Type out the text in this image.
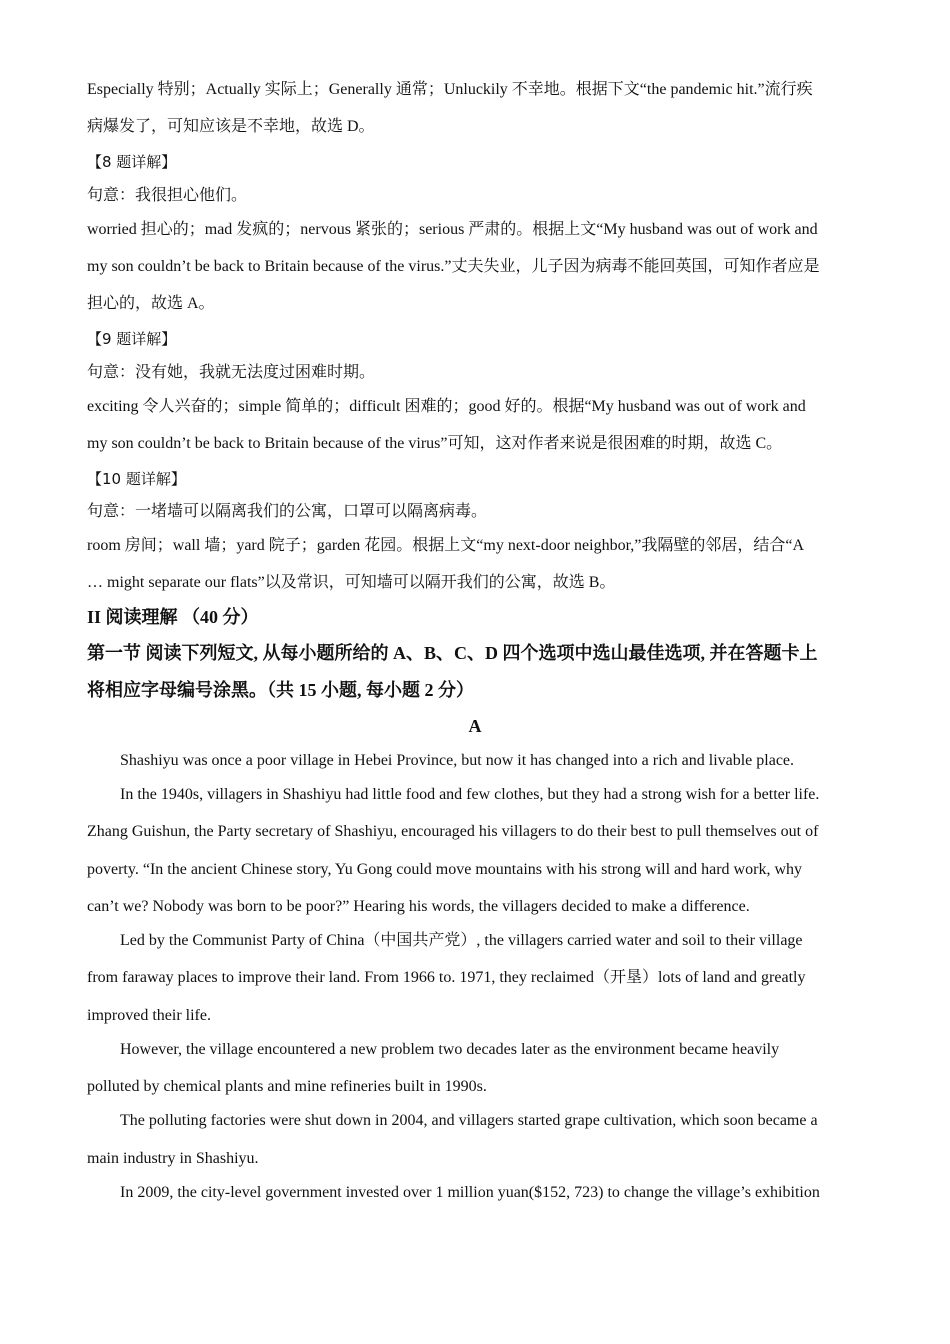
Especially 特别；Actually 实际上；Generally 通常；Unluckily 不幸地。根据下文“the pandemic hit.”流行疾
病爆发了，可知应该是不幸地，故选 D。
【8 题详解】
句意：我很担心他们。
worried 担心的；mad 发疯的；nervous 紧张的；serious 严肃的。根据上文“My husband was out of work and
my son couldn’t be back to Britain because of the virus.”丈夫失业，儿子因为病毒不能回英国，可知作者应是
担心的，故选 A。
【9 题详解】
句意：没有她，我就无法度过困难时期。
exciting 令人兴奋的；simple 简单的；difficult 困难的；good 好的。根据“My husband was out of work and
my son couldn’t be back to Britain because of the virus”可知，这对作者来说是很困难的时期，故选 C。
【10 题详解】
句意：一堵墙可以隔离我们的公寓，口罩可以隔离病毒。
room 房间；wall 墙；yard 院子；garden 花园。根据上文“my next-door neighbor,”我隔壁的邻居，结合“A
… might separate our flats”以及常识，可知墙可以隔开我们的公寓，故选 B。
II 阅读理解 （40 分）
第一节 阅读下列短文, 从每小题所给的 A、B、C、D 四个选项中选山最佳选项, 并在答题卡上
将相应字母编号涂黑。（共 15 小题, 每小题 2 分）
A
Shashiyu was once a poor village in Hebei Province, but now it has changed into a rich and livable place.
In the 1940s, villagers in Shashiyu had little food and few clothes, but they had a strong wish for a better life.
Zhang Guishun, the Party secretary of Shashiyu, encouraged his villagers to do their best to pull themselves out of
poverty. “In the ancient Chinese story, Yu Gong could move mountains with his strong will and hard work, why
can’t we? Nobody was born to be poor?” Hearing his words, the villagers decided to make a difference.
Led by the Communist Party of China（中国共产党）, the villagers carried water and soil to their village
from faraway places to improve their land. From 1966 to. 1971, they reclaimed（开垦）lots of land and greatly
improved their life.
However, the village encountered a new problem two decades later as the environment became heavily
polluted by chemical plants and mine refineries built in 1990s.
The polluting factories were shut down in 2004, and villagers started grape cultivation, which soon became a
main industry in Shashiyu.
In 2009, the city-level government invested over 1 million yuan($152, 723) to change the village’s exhibition
